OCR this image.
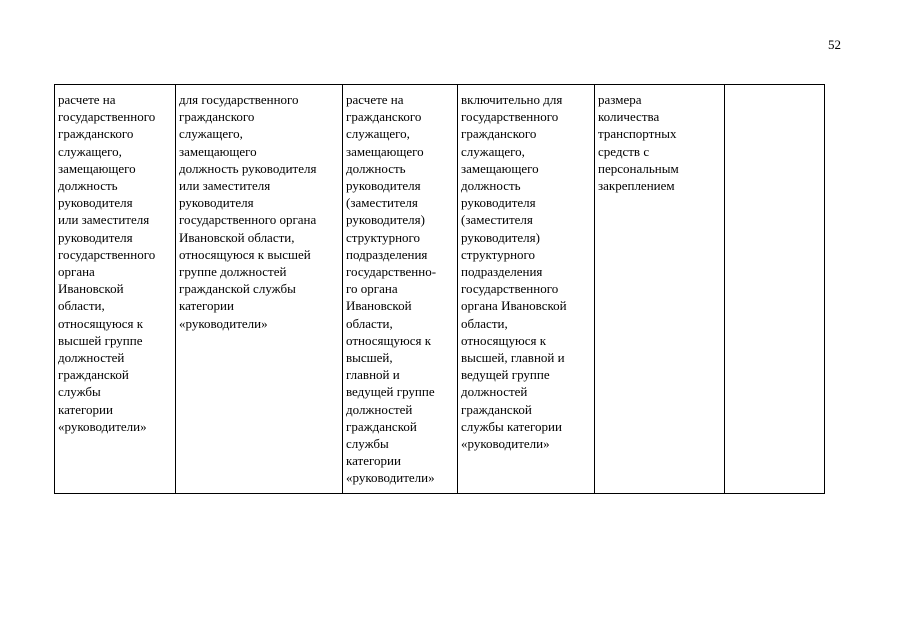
52
расчете на
государственного
гражданского
служащего,
замещающего
должность
руководителя
или заместителя
руководителя
государственного
органа
Ивановской
области,
относящуюся к
высшей группе
должностей
гражданской
службы
категории
«руководители»	для государственного
гражданского
служащего,
замещающего
должность руководителя
или заместителя
руководителя
государственного органа
Ивановской области,
относящуюся к высшей
группе должностей
гражданской службы
категории
«руководители»	расчете на
гражданского
служащего,
замещающего
должность
руководителя
(заместителя
руководителя)
структурного
подразделения
государственно-
го органа
Ивановской
области,
относящуюся к
высшей,
главной и
ведущей группе
должностей
гражданской
службы
категории
«руководители»	включительно для
государственного
гражданского
служащего,
замещающего
должность
руководителя
(заместителя
руководителя)
структурного
подразделения
государственного
органа Ивановской
области,
относящуюся к
высшей, главной и
ведущей группе
должностей
гражданской
службы категории
«руководители»	размера
количества
транспортных
средств с
персональным
закреплением	
